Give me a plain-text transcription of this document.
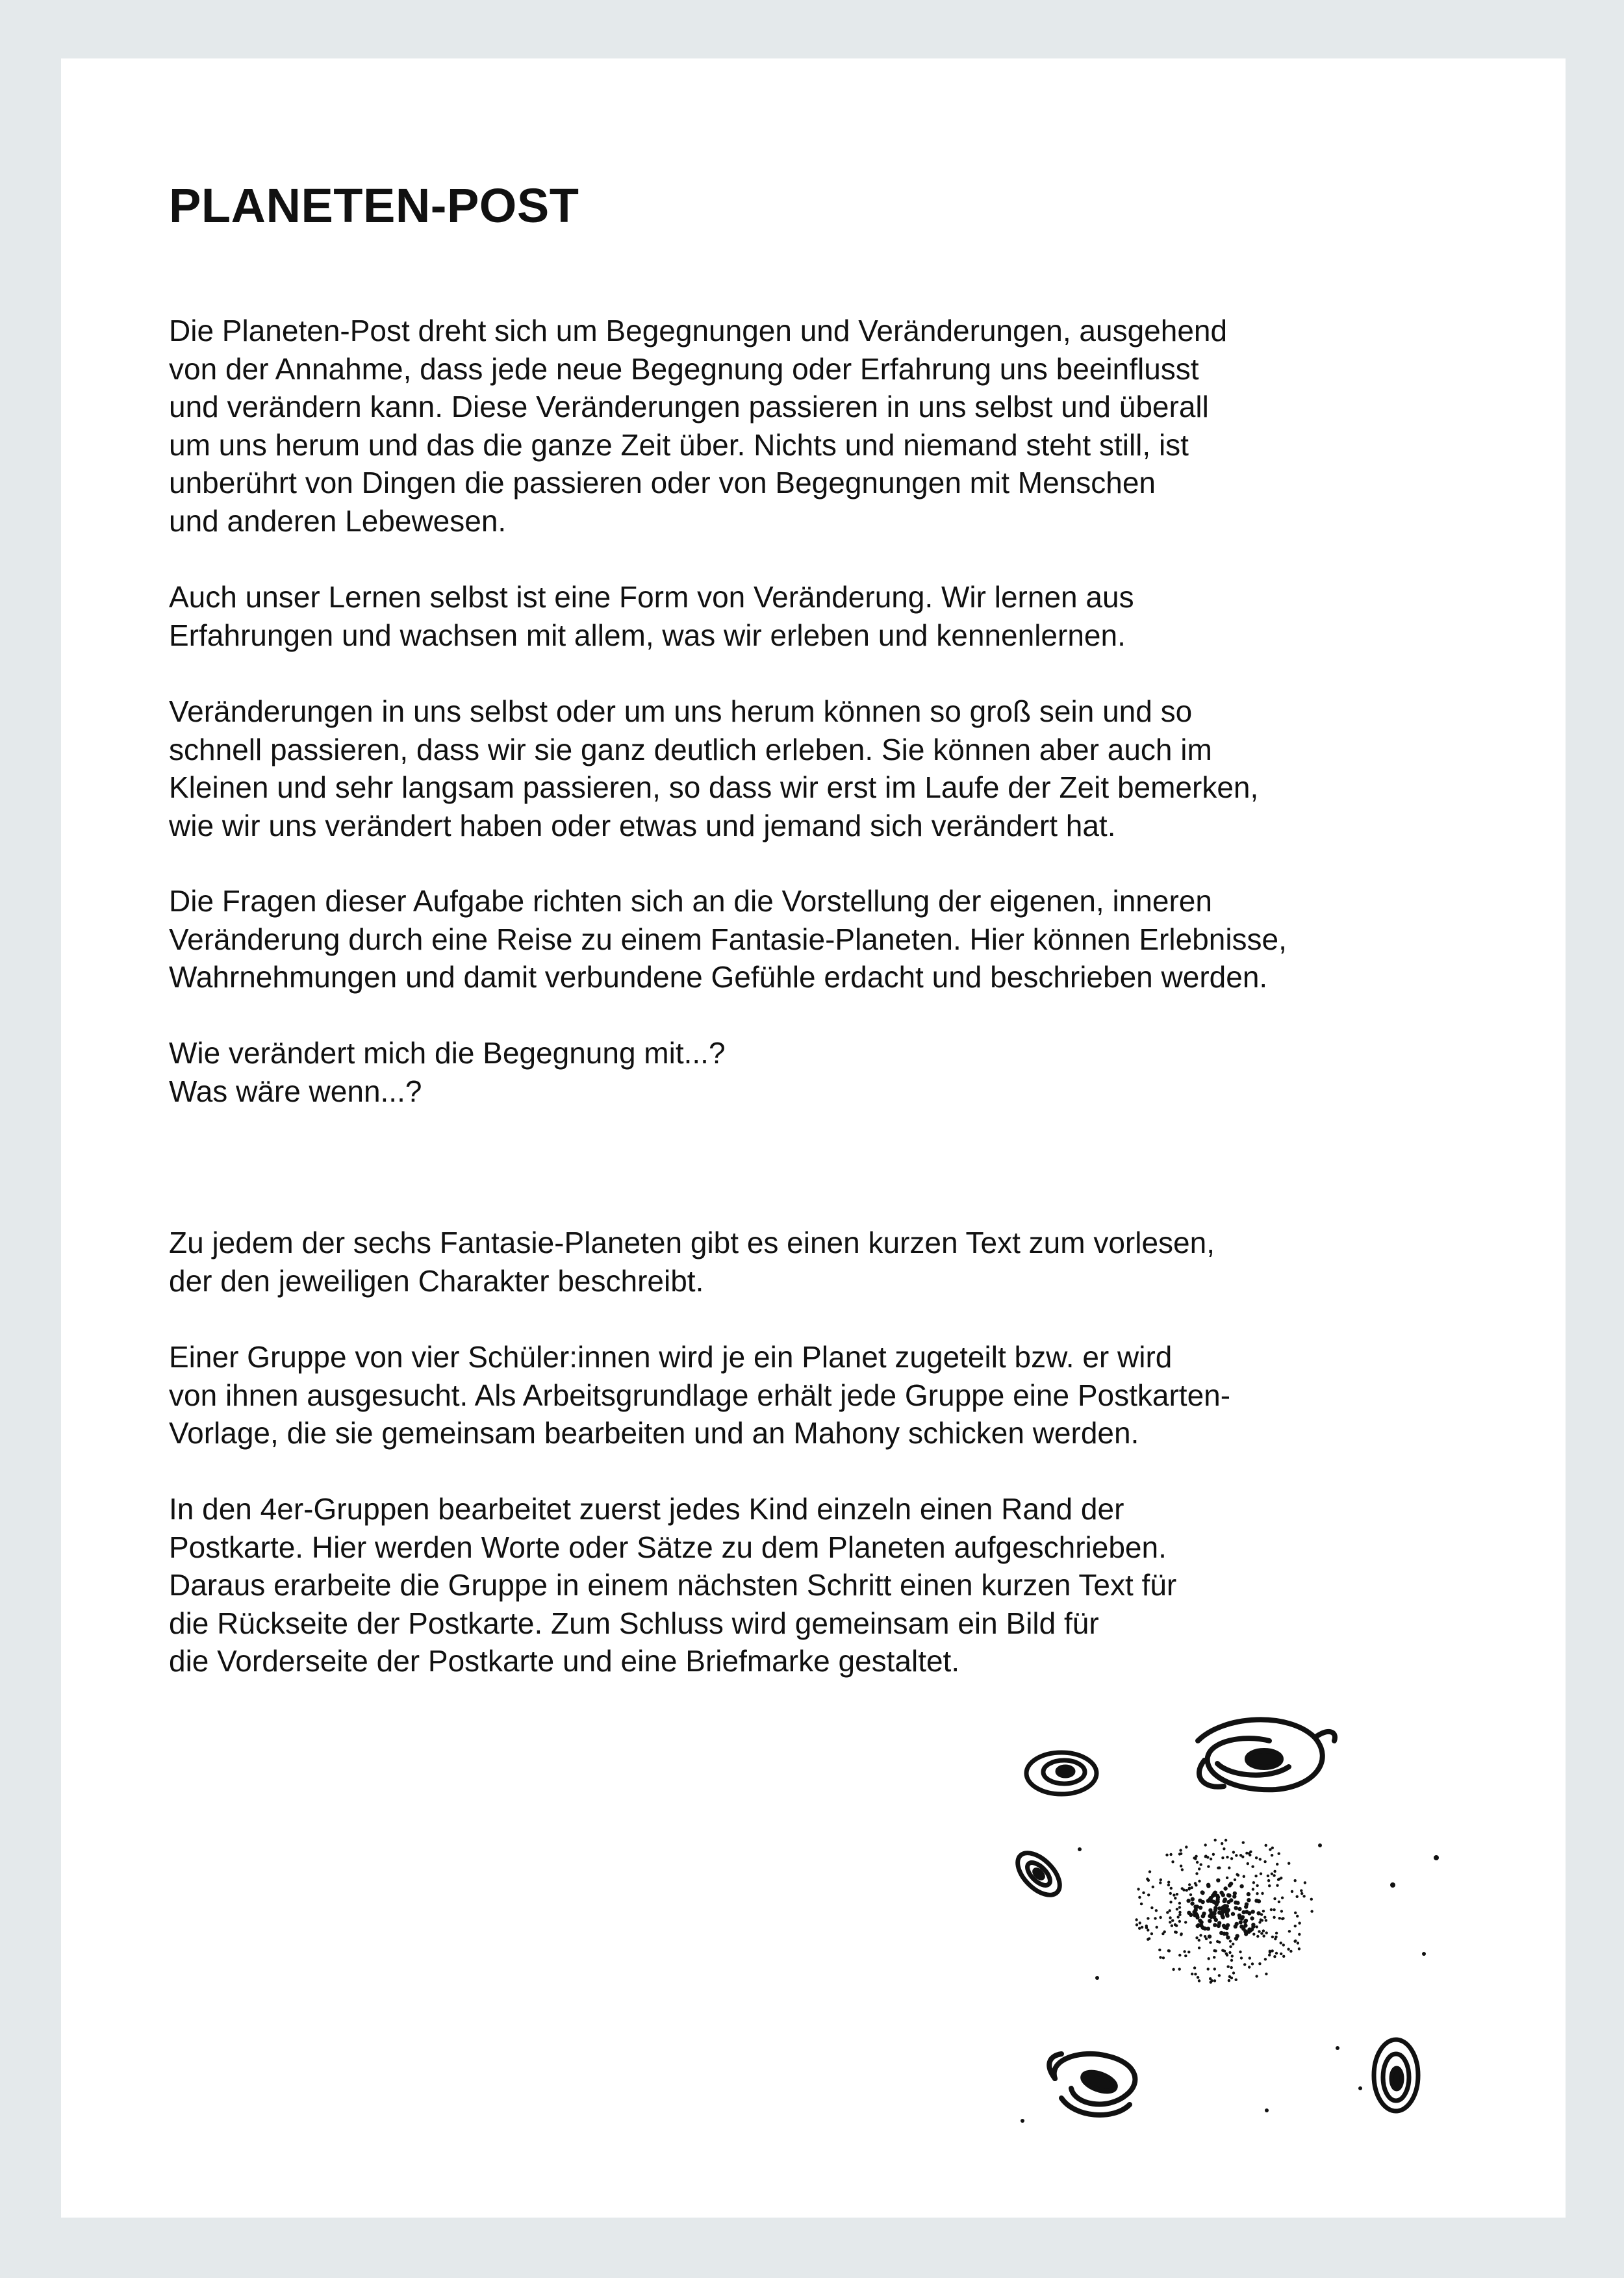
PLANETEN-POST
Die Planeten-Post dreht sich um Begegnungen und Veränderungen, ausgehend
von der Annahme, dass jede neue Begegnung oder Erfahrung uns beeinflusst
und verändern kann. Diese Veränderungen passieren in uns selbst und überall
um uns herum und das die ganze Zeit über. Nichts und niemand steht still, ist
unberührt von Dingen die passieren oder von Begegnungen mit Menschen
und anderen Lebewesen.
Auch unser Lernen selbst ist eine Form von Veränderung. Wir lernen aus
Erfahrungen und wachsen mit allem, was wir erleben und kennenlernen.
Veränderungen in uns selbst oder um uns herum können so groß sein und so
schnell passieren, dass wir sie ganz deutlich erleben. Sie können aber auch im
Kleinen und sehr langsam passieren, so dass wir erst im Laufe der Zeit bemerken,
wie wir uns verändert haben oder etwas und jemand sich verändert hat.
Die Fragen dieser Aufgabe richten sich an die Vorstellung der eigenen, inneren
Veränderung durch eine Reise zu einem Fantasie-Planeten. Hier können Erlebnisse,
Wahrnehmungen und damit verbundene Gefühle erdacht und beschrieben werden.
Wie verändert mich die Begegnung mit...?
Was wäre wenn...?
Zu jedem der sechs Fantasie-Planeten gibt es einen kurzen Text zum vorlesen,
der den jeweiligen Charakter beschreibt.
Einer Gruppe von vier Schüler:innen wird je ein Planet zugeteilt bzw. er wird
von ihnen ausgesucht. Als Arbeitsgrundlage erhält jede Gruppe eine Postkarten-
Vorlage, die sie gemeinsam bearbeiten und an Mahony schicken werden.
In den 4er-Gruppen bearbeitet zuerst jedes Kind einzeln einen Rand der
Postkarte. Hier werden Worte oder Sätze zu dem Planeten aufgeschrieben.
Daraus erarbeite die Gruppe in einem nächsten Schritt einen kurzen Text für
die Rückseite der Postkarte. Zum Schluss wird gemeinsam ein Bild für
die Vorderseite der Postkarte und eine Briefmarke gestaltet.
